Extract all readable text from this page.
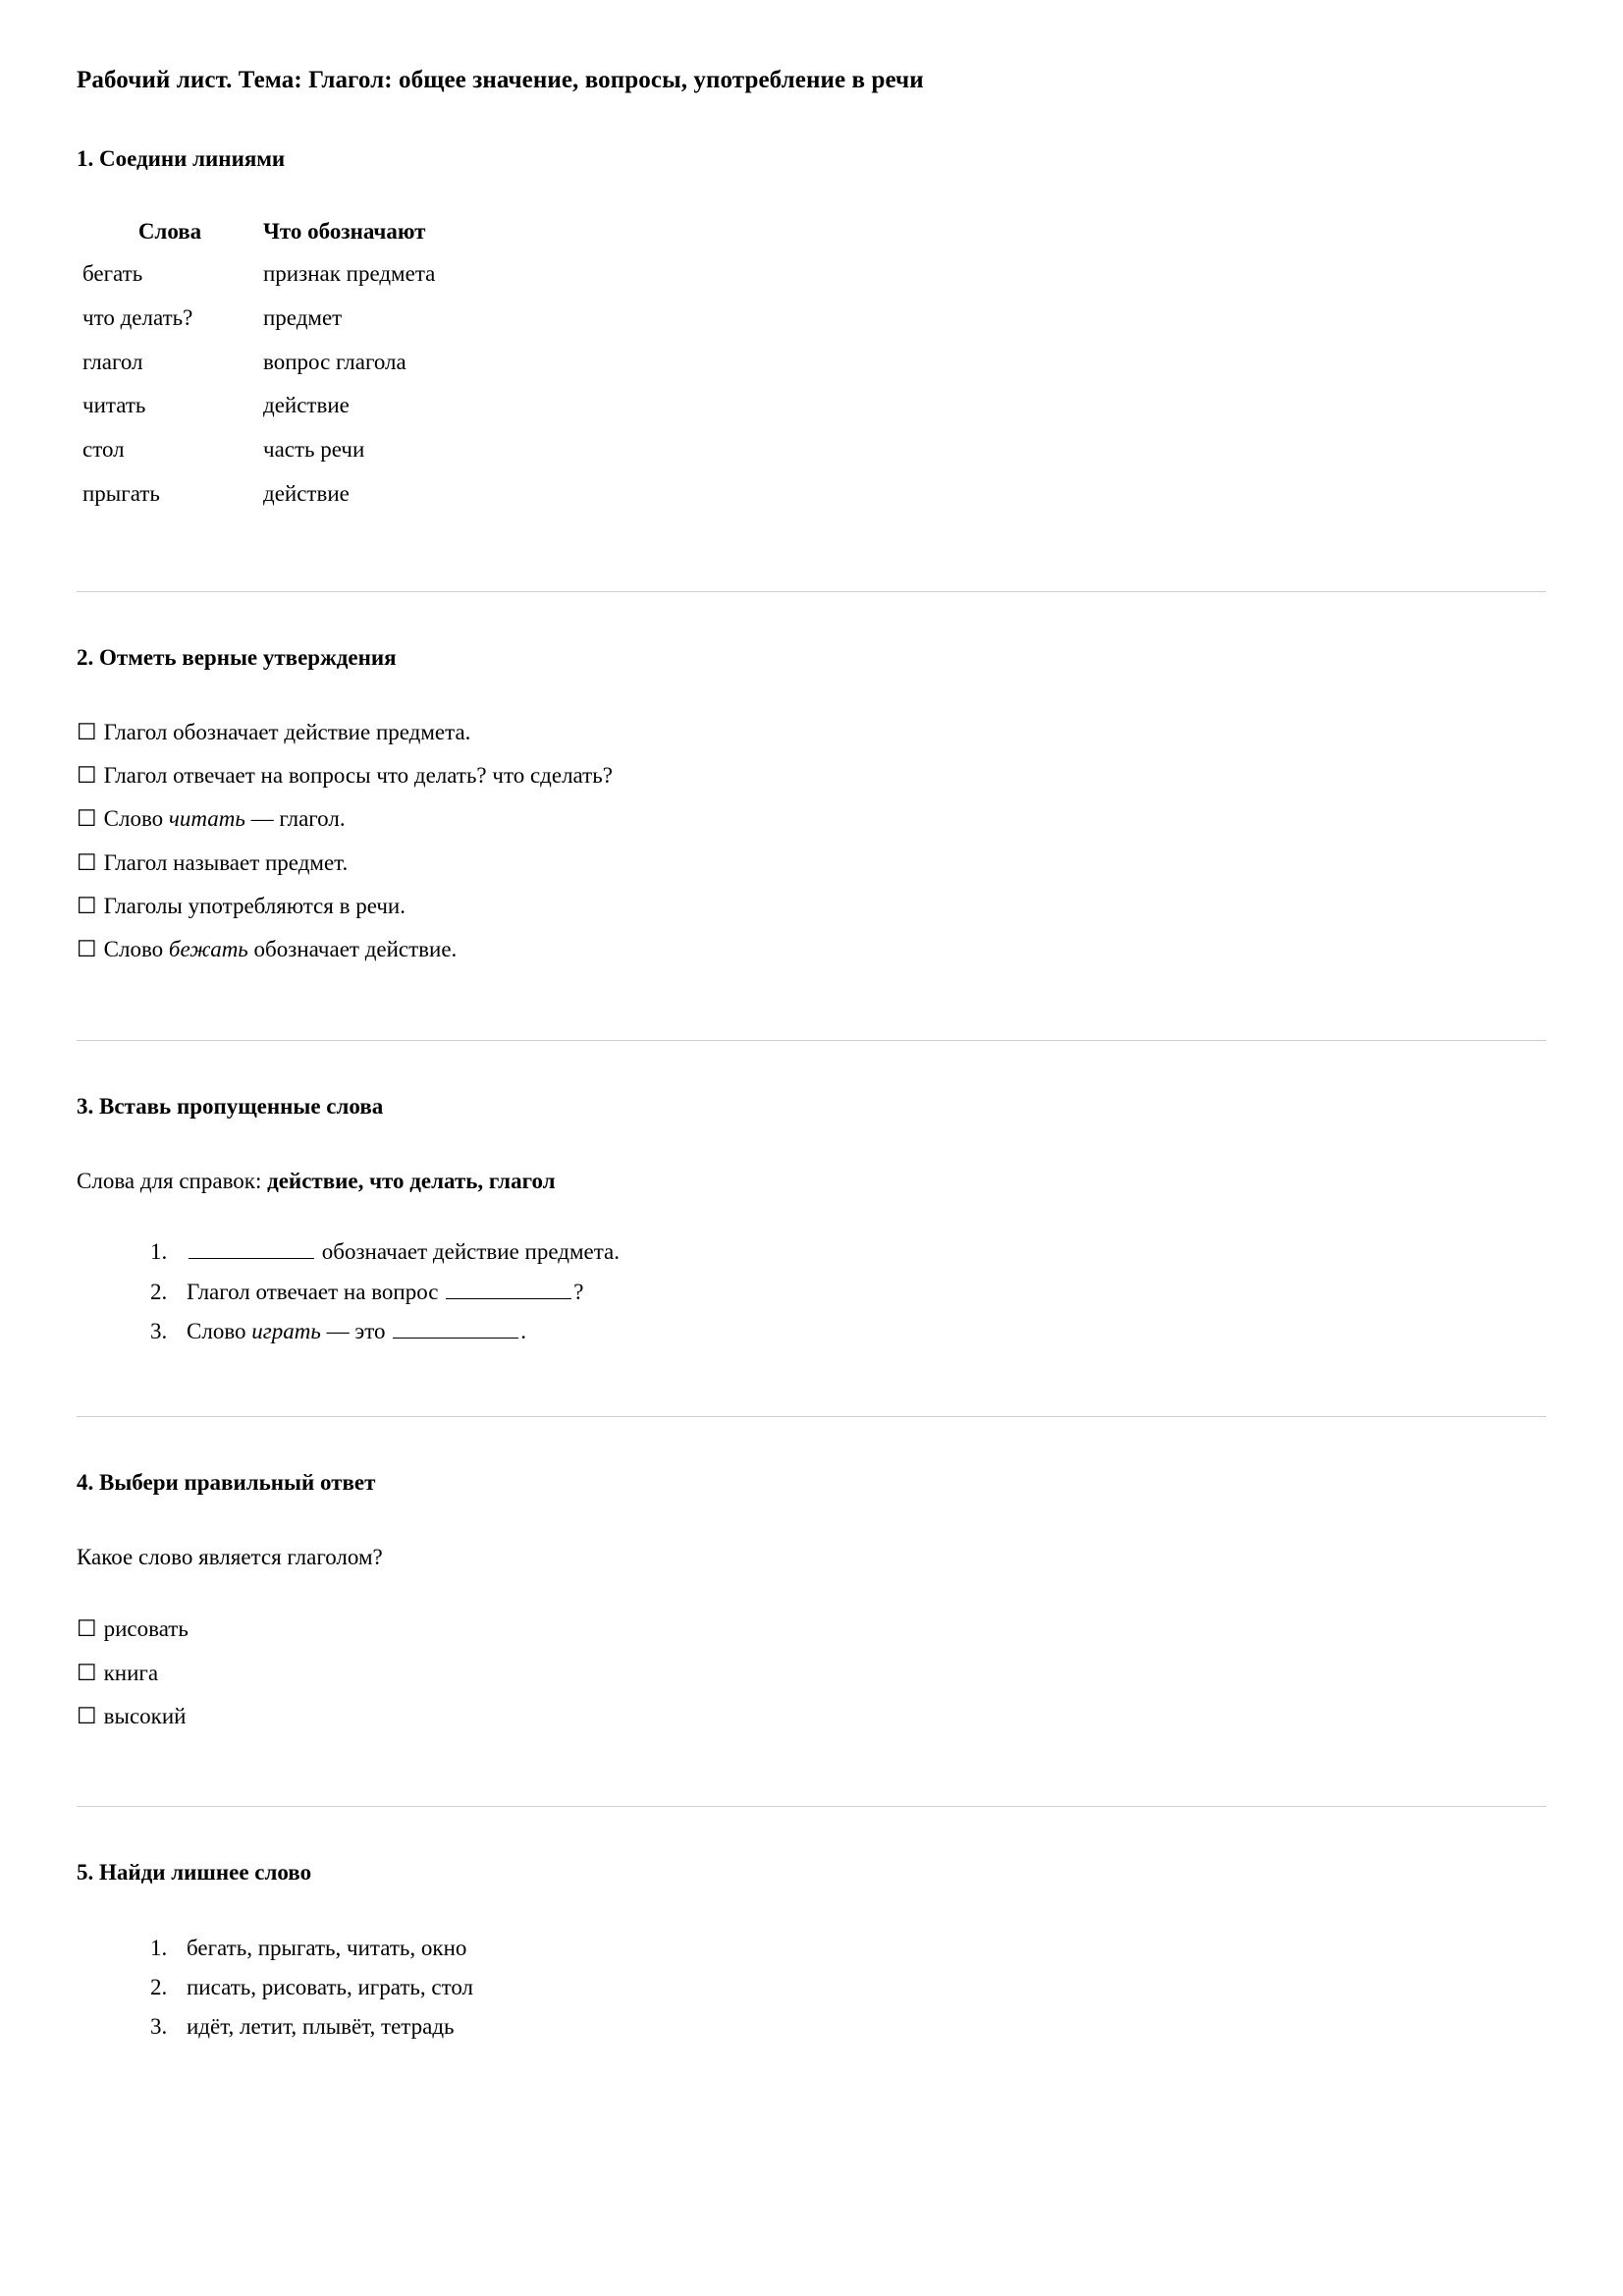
Рабочий лист. Тема: Глагол: общее значение, вопросы, употребление в речи
1. Соедини линиями
Слова	Что обозначают
бегать	признак предмета
что делать?	предмет
глагол	вопрос глагола
читать	действие
стол	часть речи
прыгать	действие
2. Отметь верные утверждения
☐ Глагол обозначает действие предмета.
☐ Глагол отвечает на вопросы что делать? что сделать?
☐ Слово читать — глагол.
☐ Глагол называет предмет.
☐ Глаголы употребляются в речи.
☐ Слово бежать обозначает действие.
3. Вставь пропущенные слова

Слова для справок: действие, что делать, глагол

1. обозначает действие предмета.
2. Глагол отвечает на вопрос	?
3. Слово играть — это	.
4. Выбери правильный ответ

Какое слово является глаголом?

☐ рисовать
☐ книга
☐ высокий
5. Найди лишнее слово
1. бегать, прыгать, читать, окно
2. писать, рисовать, играть, стол
3. идёт, летит, плывёт, тетрадь
